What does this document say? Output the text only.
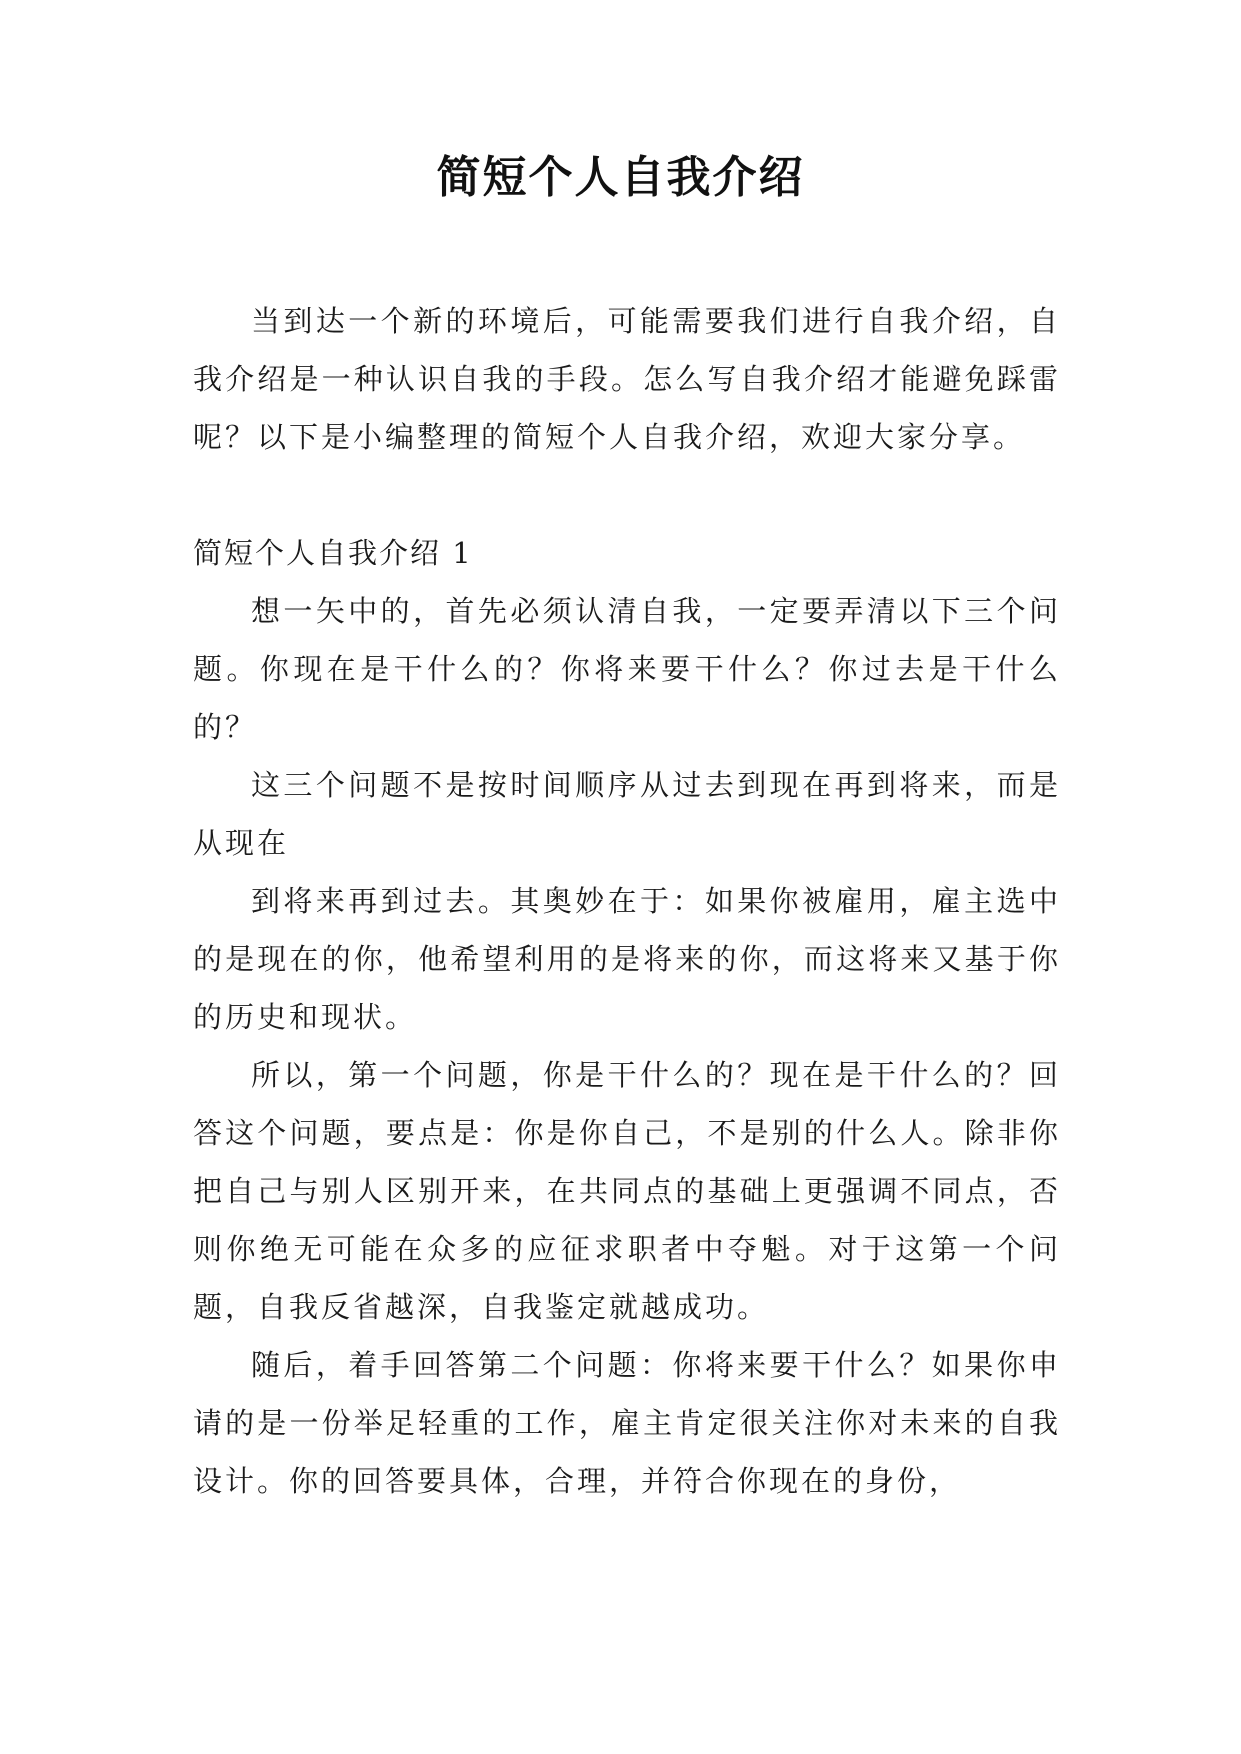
简短个人自我介绍

当到达一个新的环境后，可能需要我们进行自我介绍，自我介绍是一种认识自我的手段。怎么写自我介绍才能避免踩雷呢？以下是小编整理的简短个人自我介绍，欢迎大家分享。

简短个人自我介绍 1

想一矢中的，首先必须认清自我，一定要弄清以下三个问题。你现在是干什么的？你将来要干什么？你过去是干什么的？

这三个问题不是按时间顺序从过去到现在再到将来，而是从现在

到将来再到过去。其奥妙在于：如果你被雇用，雇主选中的是现在的你，他希望利用的是将来的你，而这将来又基于你的历史和现状。

所以，第一个问题，你是干什么的？现在是干什么的？回答这个问题，要点是：你是你自己，不是别的什么人。除非你把自己与别人区别开来，在共同点的基础上更强调不同点，否则你绝无可能在众多的应征求职者中夺魁。对于这第一个问题，自我反省越深，自我鉴定就越成功。

随后，着手回答第二个问题：你将来要干什么？如果你申请的是一份举足轻重的工作，雇主肯定很关注你对未来的自我设计。你的回答要具体，合理，并符合你现在的身份，
